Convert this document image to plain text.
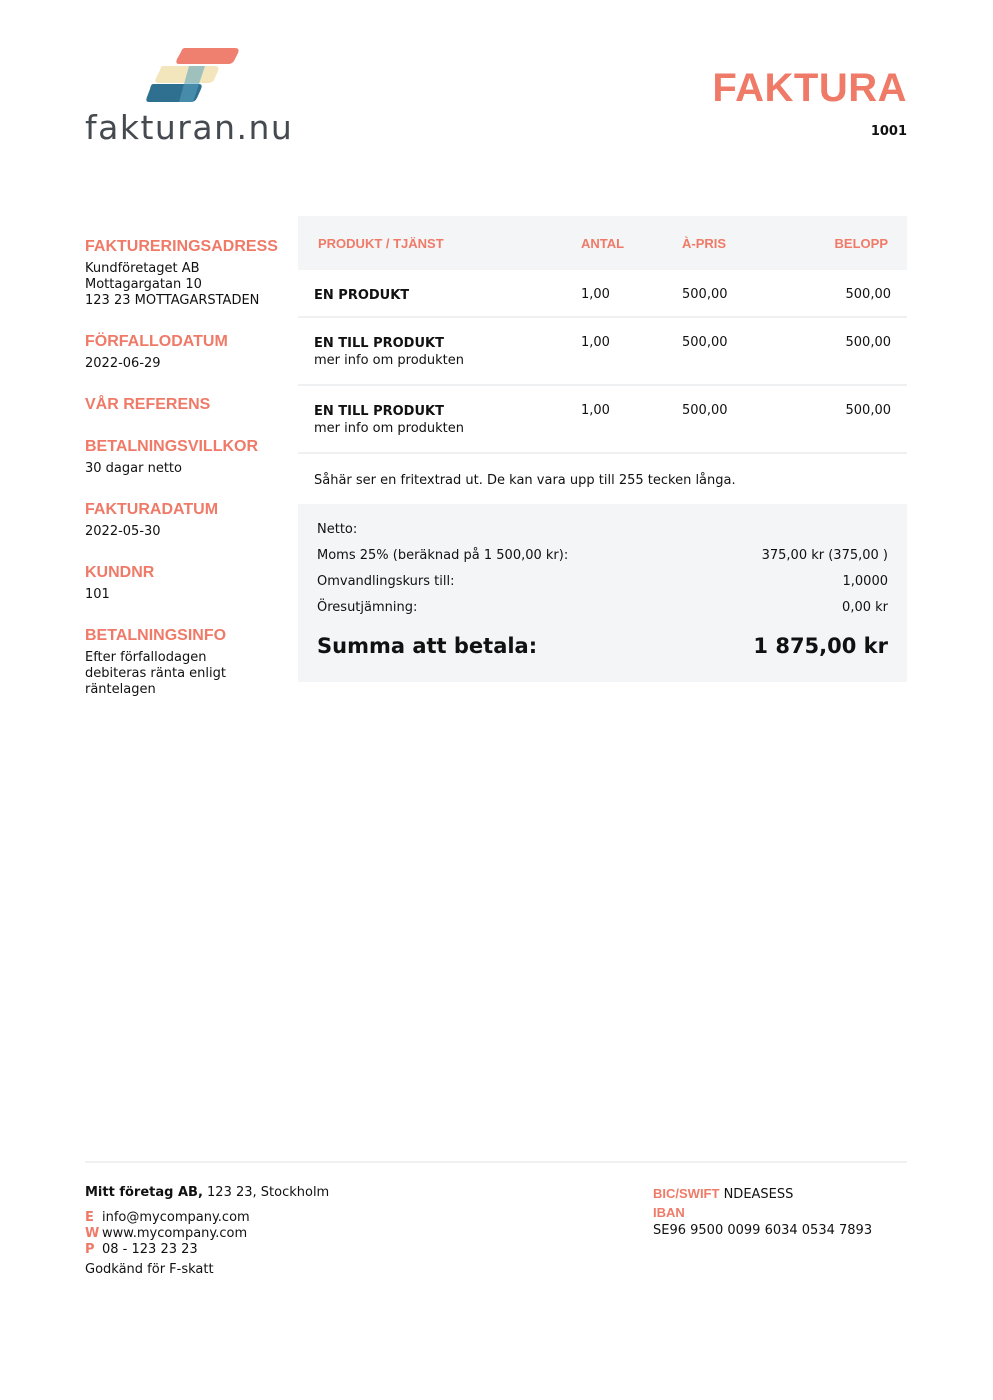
fakturan.nu
FAKTURA
1001
FAKTURERINGSADRESS
Kundföretaget AB
Mottagargatan 10
123 23 MOTTAGARSTADEN
FÖRFALLODATUM
2022-06-29
VÅR REFERENS
BETALNINGSVILLKOR
30 dagar netto
FAKTURADATUM
2022-05-30
KUNDNR
101
BETALNINGSINFO
Efter förfallodagen
debiteras ränta enligt
räntelagen
PRODUKT / TJÄNST	ANTAL	À-PRIS	BELOPP
EN PRODUKT	1,00	500,00	500,00
EN TILL PRODUKT
mer info om produkten
1,00	500,00	500,00
EN TILL PRODUKT
mer info om produkten
1,00	500,00	500,00
Såhär ser en fritextrad ut. De kan vara upp till 255 tecken långa.
Netto:
Moms 25% (beräknad på 1 500,00 kr):	375,00 kr (375,00 )
Omvandlingskurs till:	1,0000
Öresutjämning:	0,00 kr
Summa att betala:	1 875,00 kr
Mitt företag AB, 123 23, Stockholm
E info@mycompany.com
W www.mycompany.com
P 08 - 123 23 23
Godkänd för F-skatt
BIC/SWIFT NDEASESS
IBAN
SE96 9500 0099 6034 0534 7893
